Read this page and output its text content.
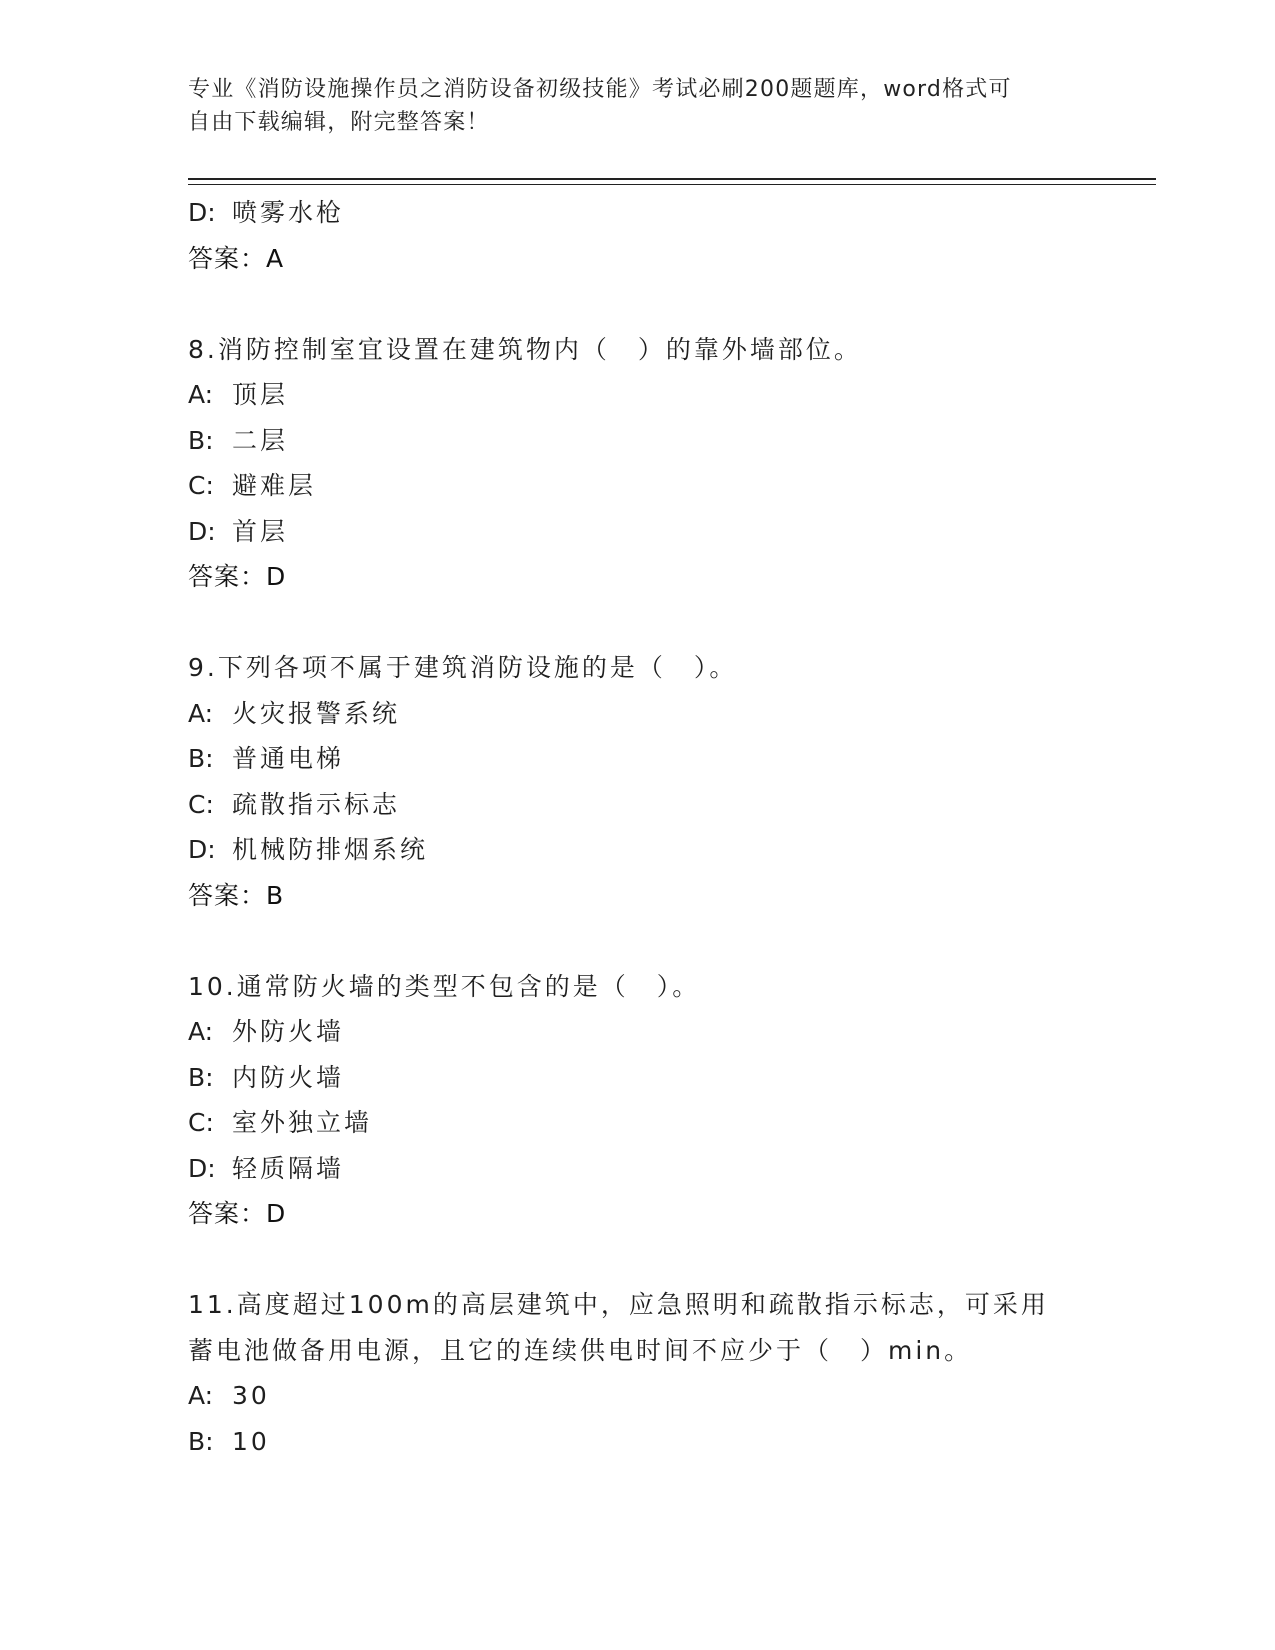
专业《消防设施操作员之消防设备初级技能》考试必刷200题题库，word格式可
自由下载编辑，附完整答案！
D: 喷雾水枪
答案：A
8.消防控制室宜设置在建筑物内（　）的靠外墙部位。
A: 顶层
B: 二层
C: 避难层
D: 首层
答案：D
9.下列各项不属于建筑消防设施的是（　）。
A: 火灾报警系统
B: 普通电梯
C: 疏散指示标志
D: 机械防排烟系统
答案：B
10.通常防火墙的类型不包含的是（　）。
A: 外防火墙
B: 内防火墙
C: 室外独立墙
D: 轻质隔墙
答案：D
11.高度超过100m的高层建筑中，应急照明和疏散指示标志，可采用
蓄电池做备用电源，且它的连续供电时间不应少于（　）min。
A: 30
B: 10
